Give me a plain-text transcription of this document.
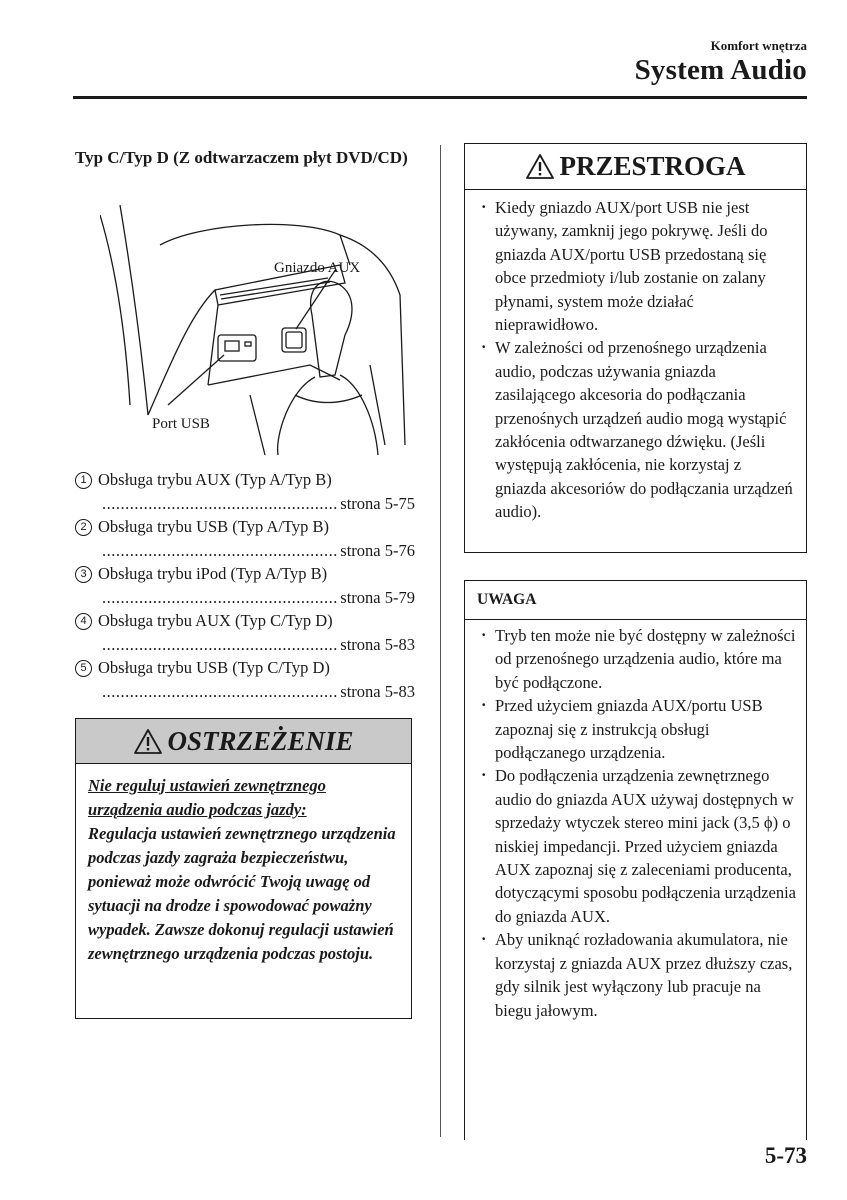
Komfort wnętrza
System Audio
Typ C/Typ D (Z odtwarzaczem płyt DVD/CD)
Gniazdo AUX
Port USB
1 Obsługa trybu AUX (Typ A/Typ B)
.....
strona 5-75
2 Obsługa trybu USB (Typ A/Typ B)
.....
strona 5-76
3 Obsługa trybu iPod (Typ A/Typ B)
.....
strona 5-79
4 Obsługa trybu AUX (Typ C/Typ D)
.....
strona 5-83
5 Obsługa trybu USB (Typ C/Typ D)
.....
strona 5-83
OSTRZEŻENIE
Nie reguluj ustawień zewnętrznego urządzenia audio podczas jazdy:
Regulacja ustawień zewnętrznego urządzenia podczas jazdy zagraża bezpieczeństwu, ponieważ może odwrócić Twoją uwagę od sytuacji na drodze i spowodować poważny wypadek. Zawsze dokonuj regulacji ustawień zewnętrznego urządzenia podczas postoju.
PRZESTROGA
· Kiedy gniazdo AUX/port USB nie jest używany, zamknij jego pokrywę. Jeśli do gniazda AUX/portu USB przedostaną się obce przedmioty i/lub zostanie on zalany płynami, system może działać nieprawidłowo.
· W zależności od przenośnego urządzenia audio, podczas używania gniazda zasilającego akcesoria do podłączania przenośnych urządzeń audio mogą wystąpić zakłócenia odtwarzanego dźwięku. (Jeśli występują zakłócenia, nie korzystaj z gniazda akcesoriów do podłączania urządzeń audio).
UWAGA
· Tryb ten może nie być dostępny w zależności od przenośnego urządzenia audio, które ma być podłączone.
· Przed użyciem gniazda AUX/portu USB zapoznaj się z instrukcją obsługi podłączanego urządzenia.
· Do podłączenia urządzenia zewnętrznego audio do gniazda AUX używaj dostępnych w sprzedaży wtyczek stereo mini jack (3,5 ϕ) o niskiej impedancji. Przed użyciem gniazda AUX zapoznaj się z zaleceniami producenta, dotyczącymi sposobu podłączenia urządzenia do gniazda AUX.
· Aby uniknąć rozładowania akumulatora, nie korzystaj z gniazda AUX przez dłuższy czas, gdy silnik jest wyłączony lub pracuje na biegu jałowym.
5-73
